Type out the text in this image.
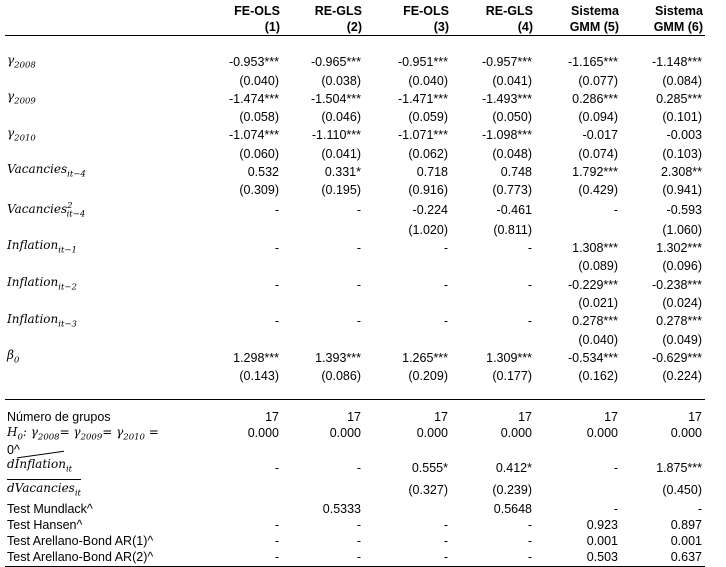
	FE-OLS	RE-GLS	FE-OLS	RE-GLS	Sistema	Sistema
	(1)	(2)	(3)	(4)	GMM (5)	GMM (6)

$\gamma_{2008}$	-0.953***	-0.965***	-0.951***	-0.957***	-1.165***	-1.148***
	(0.040)	(0.038)	(0.040)	(0.041)	(0.077)	(0.084)
$\gamma_{2009}$	-1.474***	-1.504***	-1.471***	-1.493***	0.286***	0.285***
	(0.058)	(0.046)	(0.059)	(0.050)	(0.094)	(0.101)
$\gamma_{2010}$	-1.074***	-1.110***	-1.071***	-1.098***	-0.017	-0.003
	(0.060)	(0.041)	(0.062)	(0.048)	(0.074)	(0.103)
Vacancies$_{it-4}$	0.532	0.331*	0.718	0.748	1.792***	2.308**
	(0.309)	(0.195)	(0.916)	(0.773)	(0.429)	(0.941)
Vacancies$^2_{it-4}$	-	-	-0.224	-0.461	-	-0.593
			(1.020)	(0.811)		(1.060)
Inflation$_{it-1}$	-	-	-	-	1.308***	1.302***
					(0.089)	(0.096)
Inflation$_{it-2}$	-	-	-	-	-0.229***	-0.238***
					(0.021)	(0.024)
Inflation$_{it-3}$	-	-	-	-	0.278***	0.278***
					(0.040)	(0.049)
$\beta_0$	1.298***	1.393***	1.265***	1.309***	-0.534***	-0.629***
	(0.143)	(0.086)	(0.209)	(0.177)	(0.162)	(0.224)

Número de grupos	17	17	17	17	17	17
$H_0$: $\gamma_{2008}= \gamma_{2009}= \gamma_{2010}$ =
0^	0.000	0.000	0.000	0.000	0.000	0.000

$\frac{dInflation_{it}}{dVacancies_{it}}$	-	-	0.555*	0.412*	-	1.875***
			(0.327)	(0.239)		(0.450)
Test Mundlack^		0.5333		0.5648	-	-
Test Hansen^	-	-	-	-	0.923	0.897
Test Arellano-Bond AR(1)^	-	-	-	-	0.001	0.001
Test Arellano-Bond AR(2)^	-	-	-	-	0.503	0.637
